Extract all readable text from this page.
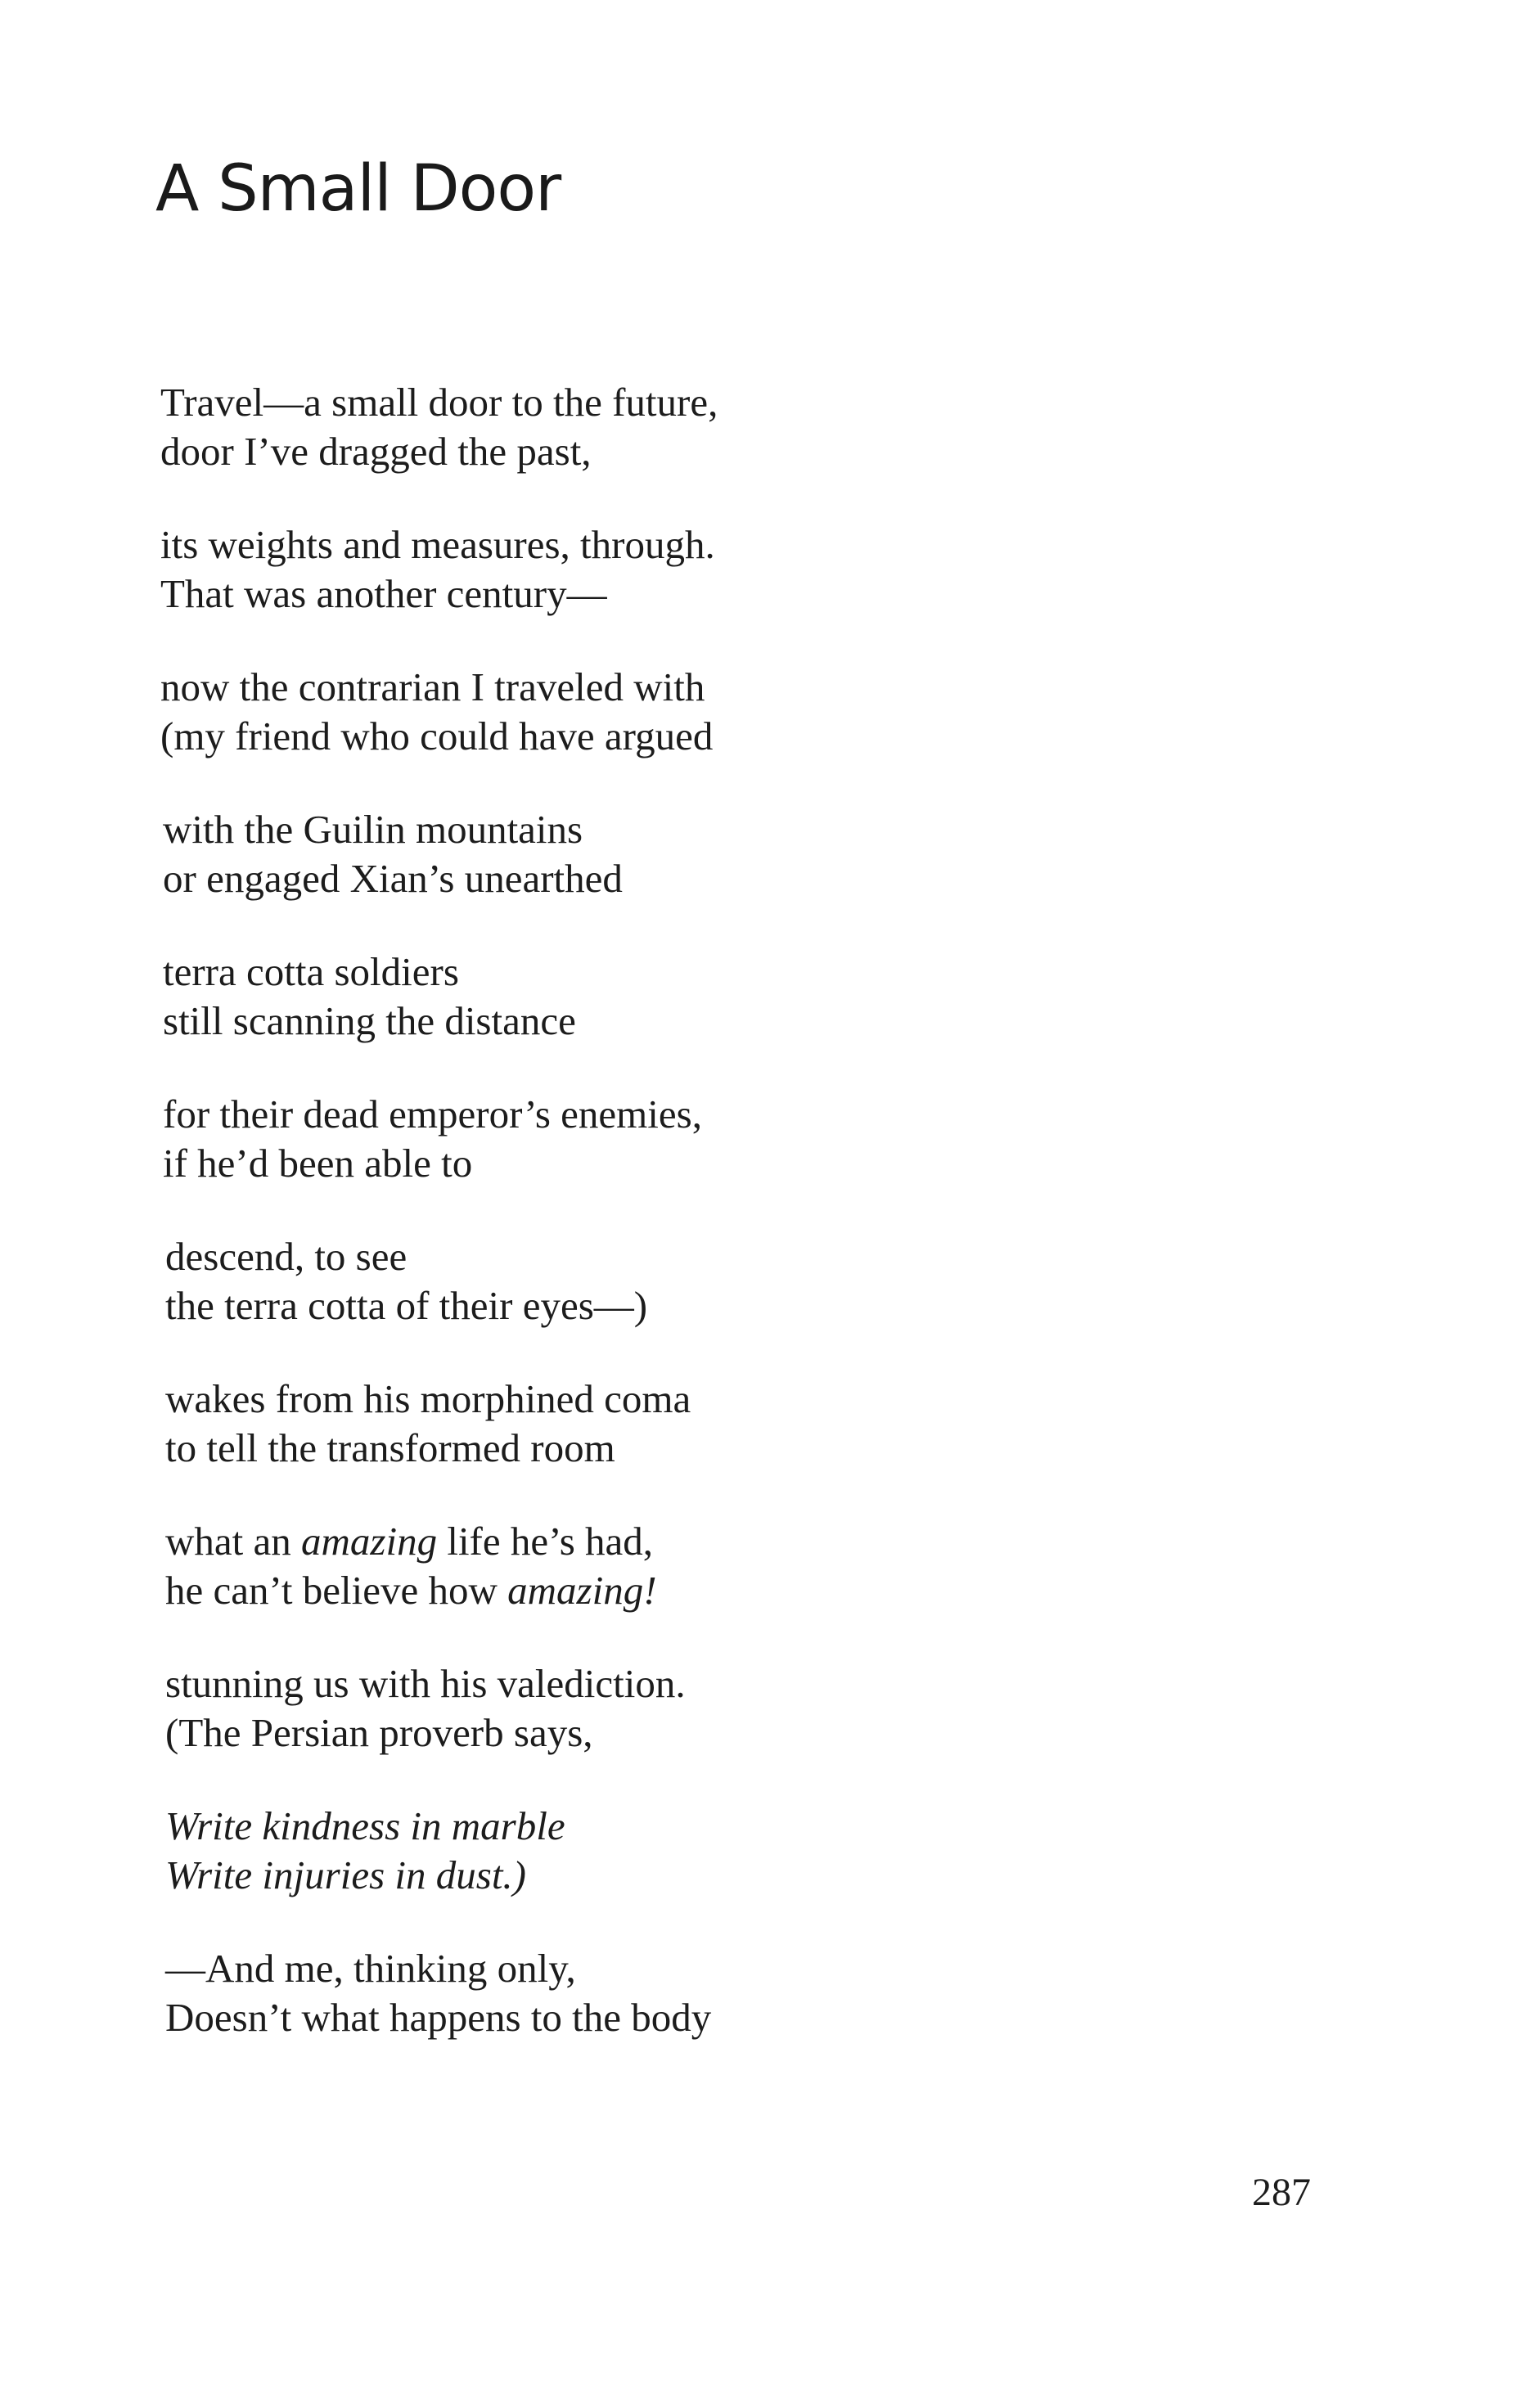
A Small Door
Travel—a small door to the future,
door I’ve dragged the past,
its weights and measures, through.
That was another century—
now the contrarian I traveled with
(my friend who could have argued
with the Guilin mountains
or engaged Xian’s unearthed
terra cotta soldiers
still scanning the distance
for their dead emperor’s enemies,
if he’d been able to
descend, to see
the terra cotta of their eyes—)
wakes from his morphined coma
to tell the transformed room
what an amazing life he’s had,
he can’t believe how amazing!
stunning us with his valediction.
(The Persian proverb says,
Write kindness in marble
Write injuries in dust.)
—And me, thinking only,
Doesn’t what happens to the body
287
